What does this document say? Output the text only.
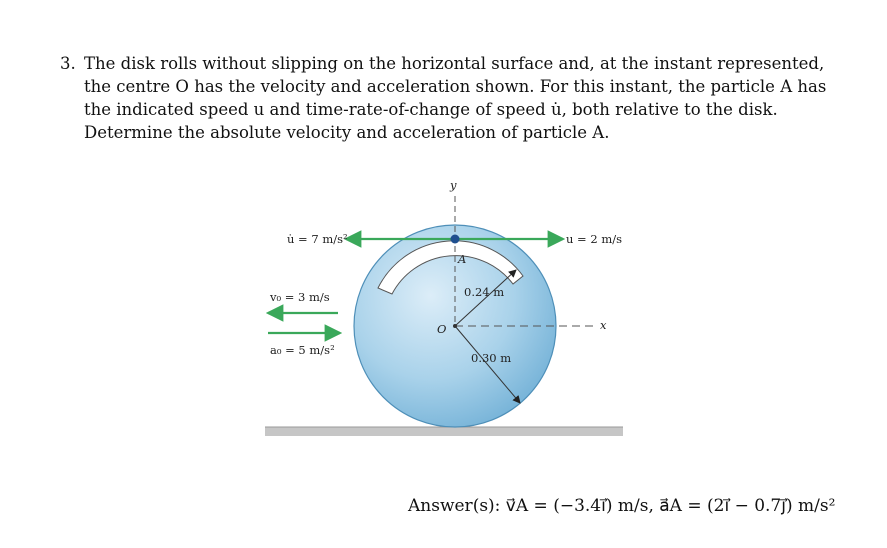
3. The disk rolls without slipping on the horizontal surface and, at the instant represented, the centre O has the velocity and acceleration shown. For this instant, the particle A has the indicated speed u and time-rate-of-change of speed u̇, both relative to the disk. Determine the absolute velocity and acceleration of particle A.
y
x
u̇ = 7 m/s²	u = 2 m/s
v₀ = 3 m/s
a₀ = 5 m/s²
A
O
0.24 m
0.30 m
Answer(s): v⃗A = (−3.4i⃗) m/s, a⃗A = (2i⃗ − 0.7j⃗) m/s²
